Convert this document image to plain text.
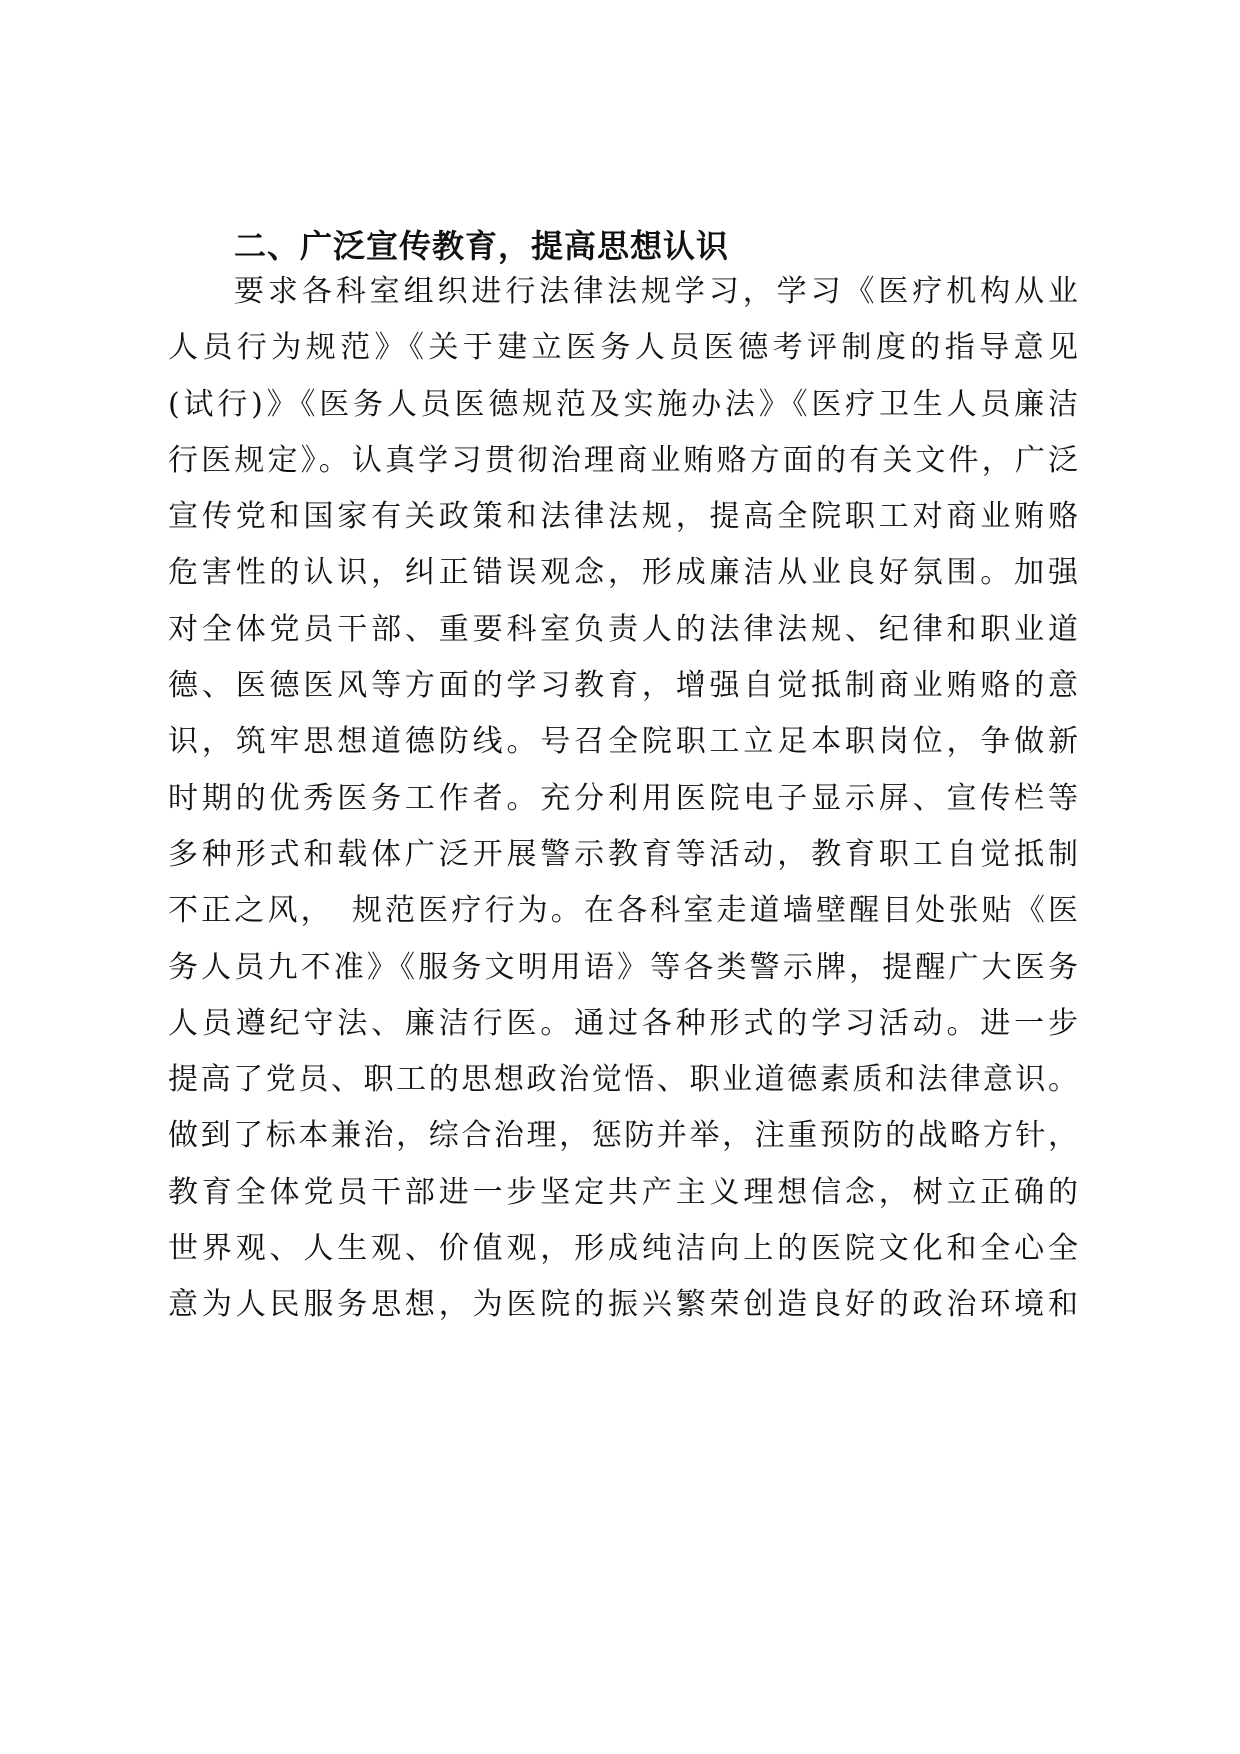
二、广泛宣传教育，提高思想认识
要求各科室组织进行法律法规学习，学习《医疗机构从业
人员行为规范》《关于建立医务人员医德考评制度的指导意见
(试行)》《医务人员医德规范及实施办法》《医疗卫生人员廉洁
行医规定》。认真学习贯彻治理商业贿赂方面的有关文件，广泛
宣传党和国家有关政策和法律法规，提高全院职工对商业贿赂
危害性的认识，纠正错误观念，形成廉洁从业良好氛围。加强
对全体党员干部、重要科室负责人的法律法规、纪律和职业道
德、医德医风等方面的学习教育，增强自觉抵制商业贿赂的意
识，筑牢思想道德防线。号召全院职工立足本职岗位，争做新
时期的优秀医务工作者。充分利用医院电子显示屏、宣传栏等
多种形式和载体广泛开展警示教育等活动，教育职工自觉抵制
不正之风，　规范医疗行为。在各科室走道墙壁醒目处张贴《医
务人员九不准》《服务文明用语》等各类警示牌，提醒广大医务
人员遵纪守法、廉洁行医。通过各种形式的学习活动。进一步
提高了党员、职工的思想政治觉悟、职业道德素质和法律意识。
做到了标本兼治，综合治理，惩防并举，注重预防的战略方针，
教育全体党员干部进一步坚定共产主义理想信念，树立正确的
世界观、人生观、价值观，形成纯洁向上的医院文化和全心全
意为人民服务思想，为医院的振兴繁荣创造良好的政治环境和
